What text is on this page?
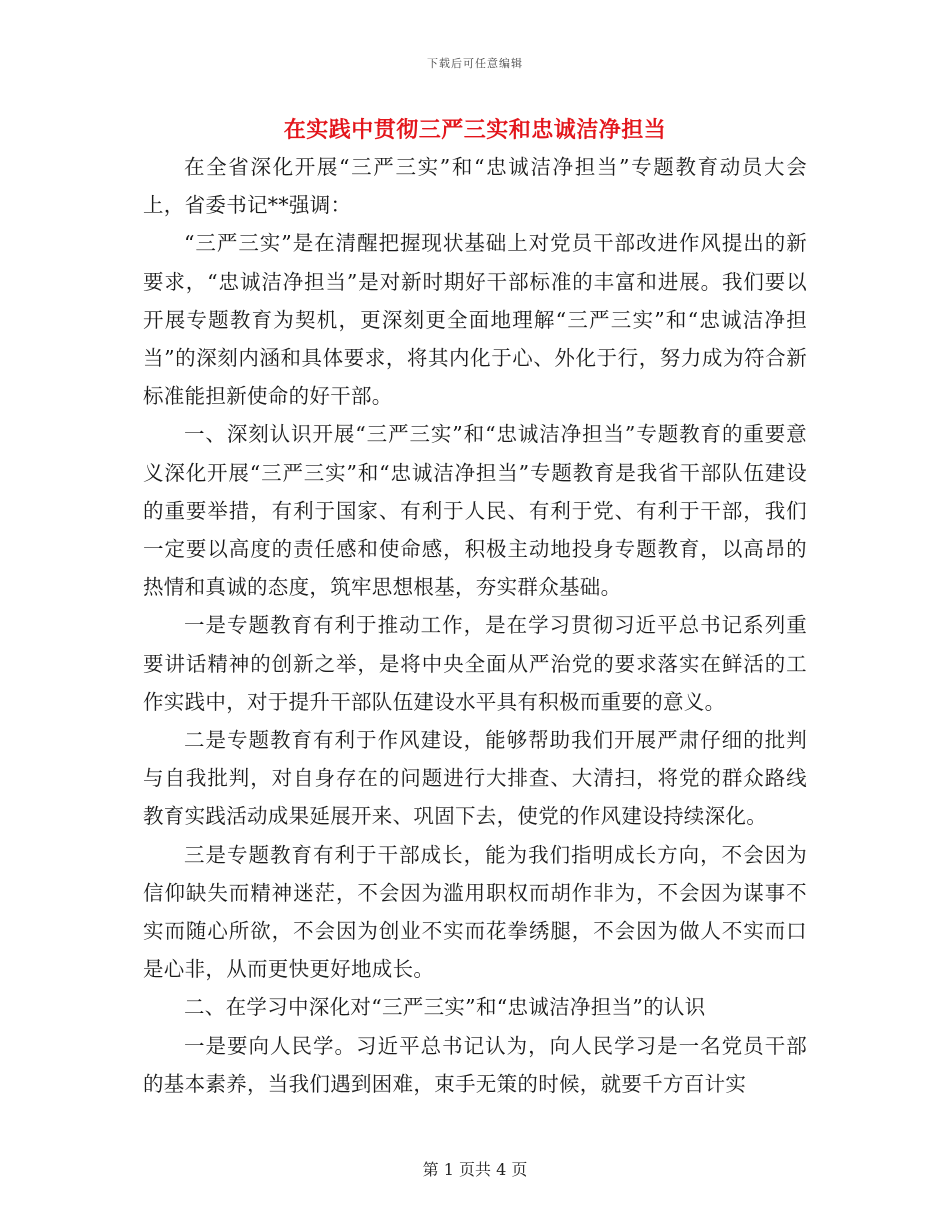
下载后可任意编辑
在实践中贯彻三严三实和忠诚洁净担当

在全省深化开展“三严三实”和“忠诚洁净担当”专题教育动员大会上，省委书记**强调：

“三严三实”是在清醒把握现状基础上对党员干部改进作风提出的新要求，“忠诚洁净担当”是对新时期好干部标准的丰富和进展。我们要以开展专题教育为契机，更深刻更全面地理解“三严三实”和“忠诚洁净担当”的深刻内涵和具体要求，将其内化于心、外化于行，努力成为符合新标准能担新使命的好干部。

一、深刻认识开展“三严三实”和“忠诚洁净担当”专题教育的重要意义深化开展“三严三实”和“忠诚洁净担当”专题教育是我省干部队伍建设的重要举措，有利于国家、有利于人民、有利于党、有利于干部，我们一定要以高度的责任感和使命感，积极主动地投身专题教育，以高昂的热情和真诚的态度，筑牢思想根基，夯实群众基础。

一是专题教育有利于推动工作，是在学习贯彻习近平总书记系列重要讲话精神的创新之举，是将中央全面从严治党的要求落实在鲜活的工作实践中，对于提升干部队伍建设水平具有积极而重要的意义。

二是专题教育有利于作风建设，能够帮助我们开展严肃仔细的批判与自我批判，对自身存在的问题进行大排查、大清扫，将党的群众路线教育实践活动成果延展开来、巩固下去，使党的作风建设持续深化。

三是专题教育有利于干部成长，能为我们指明成长方向，不会因为信仰缺失而精神迷茫，不会因为滥用职权而胡作非为，不会因为谋事不实而随心所欲，不会因为创业不实而花拳绣腿，不会因为做人不实而口是心非，从而更快更好地成长。

二、在学习中深化对“三严三实”和“忠诚洁净担当”的认识

一是要向人民学。习近平总书记认为，向人民学习是一名党员干部的基本素养，当我们遇到困难，束手无策的时候，就要千方百计实

第 1 页共 4 页
